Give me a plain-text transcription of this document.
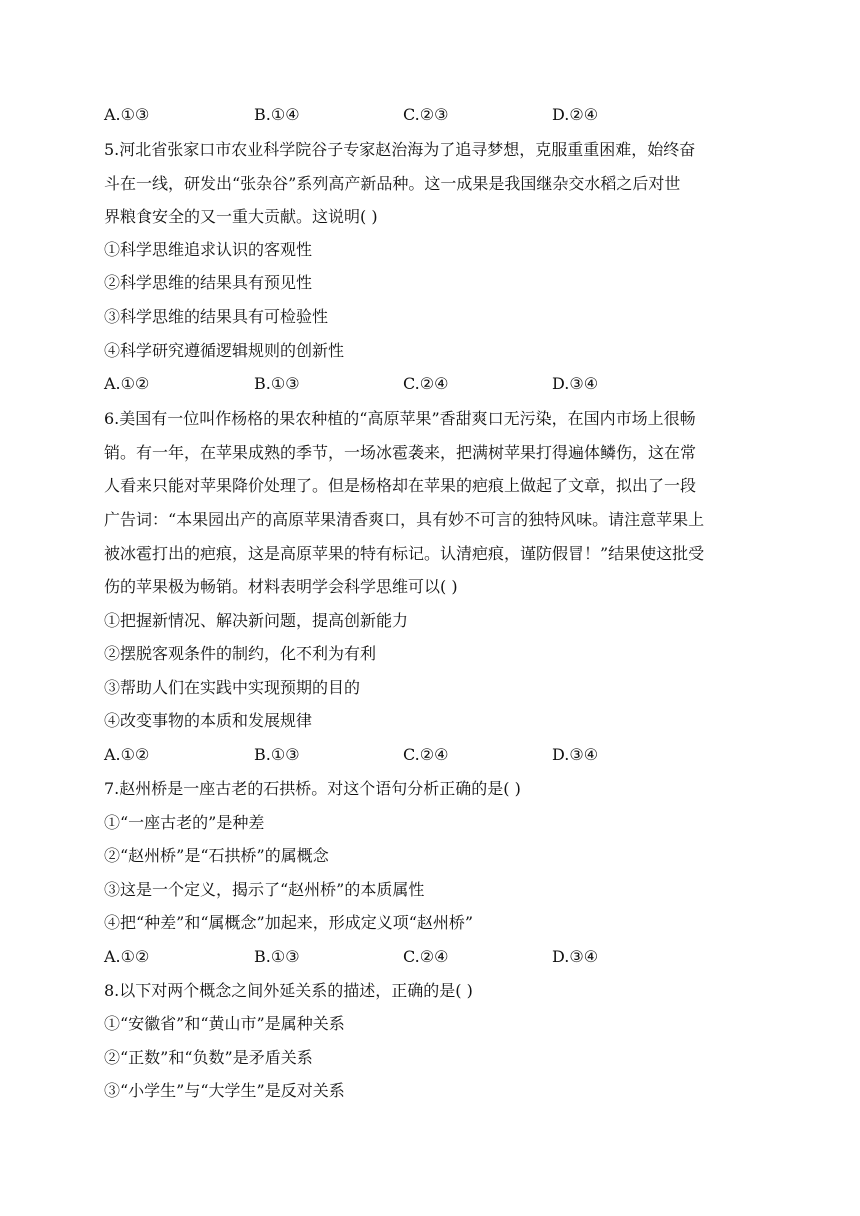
A.①③	B.①④	C.②③	D.②④
5.河北省张家口市农业科学院谷子专家赵治海为了追寻梦想，克服重重困难，始终奋
斗在一线，研发出“张杂谷”系列高产新品种。这一成果是我国继杂交水稻之后对世
界粮食安全的又一重大贡献。这说明( )
①科学思维追求认识的客观性
②科学思维的结果具有预见性
③科学思维的结果具有可检验性
④科学研究遵循逻辑规则的创新性
A.①②	B.①③	C.②④	D.③④
6.美国有一位叫作杨格的果农种植的“高原苹果”香甜爽口无污染，在国内市场上很畅
销。有一年，在苹果成熟的季节，一场冰雹袭来，把满树苹果打得遍体鳞伤，这在常
人看来只能对苹果降价处理了。但是杨格却在苹果的疤痕上做起了文章，拟出了一段
广告词：“本果园出产的高原苹果清香爽口，具有妙不可言的独特风味。请注意苹果上
被冰雹打出的疤痕，这是高原苹果的特有标记。认清疤痕，谨防假冒！”结果使这批受
伤的苹果极为畅销。材料表明学会科学思维可以( )
①把握新情况、解决新问题，提高创新能力
②摆脱客观条件的制约，化不利为有利
③帮助人们在实践中实现预期的目的
④改变事物的本质和发展规律
A.①②	B.①③	C.②④	D.③④
7.赵州桥是一座古老的石拱桥。对这个语句分析正确的是( )
①“一座古老的”是种差
②“赵州桥”是“石拱桥”的属概念
③这是一个定义，揭示了“赵州桥”的本质属性
④把“种差”和“属概念”加起来，形成定义项“赵州桥”
A.①②	B.①③	C.②④	D.③④
8.以下对两个概念之间外延关系的描述，正确的是( )
①“安徽省”和“黄山市”是属种关系
②“正数”和“负数”是矛盾关系
③“小学生”与“大学生”是反对关系
